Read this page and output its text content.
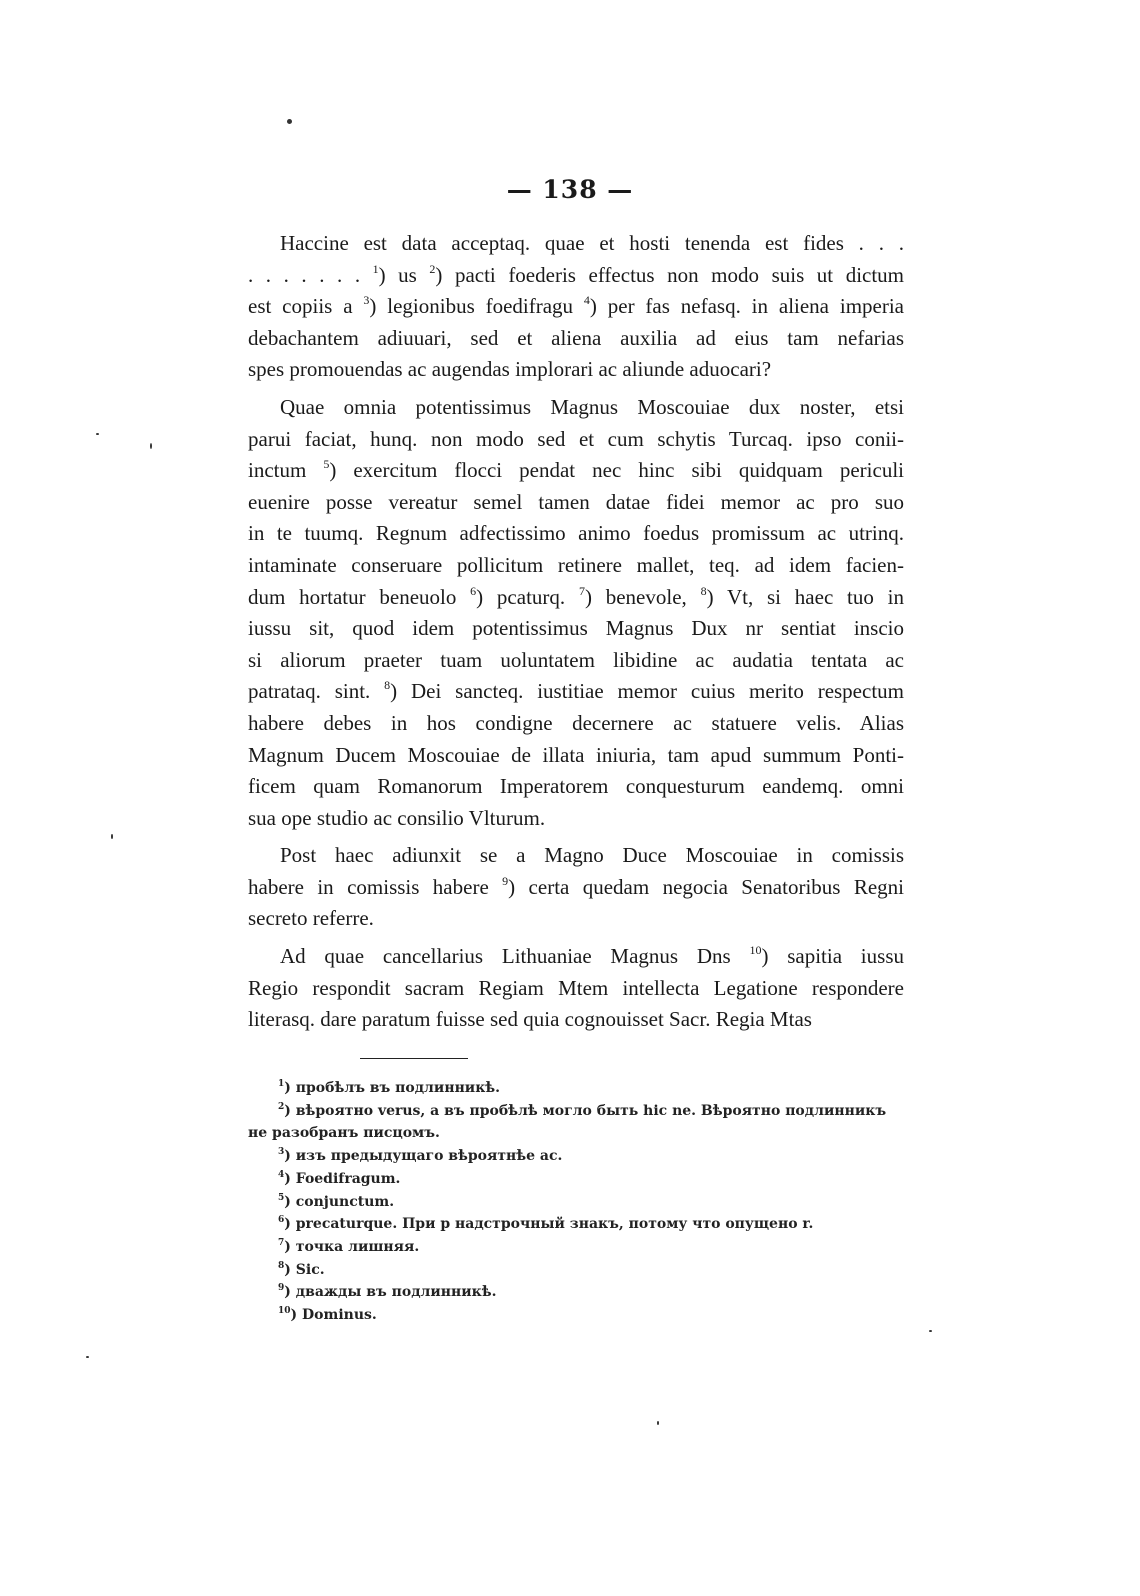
— 138 —
Haccine est data acceptaq. quae et hosti tenenda est fides . . .
. . . . . . . $^1$) us $^2$) pacti foederis effectus non modo suis ut dictum
est copiis a $^3$) legionibus foedifragu $^4$) per fas nefasq. in aliena imperia
debachantem adiuuari, sed et aliena auxilia ad eius tam nefarias
spes promouendas ac augendas implorari ac aliunde aduocari?
Quae omnia potentissimus Magnus Moscouiae dux noster, etsi
parui faciat, hunq. non modo sed et cum schytis Turcaq. ipso conii-
inctum $^5$) exercitum flocci pendat nec hinc sibi quidquam periculi
euenire posse vereatur semel tamen datae fidei memor ac pro suo
in te tuumq. Regnum adfectissimo animo foedus promissum ac utrinq.
intaminate conseruare pollicitum retinere mallet, teq. ad idem facien-
dum hortatur beneuolo $^6$) pcaturq. $^7$) benevole, $^8$) Vt, si haec tuo in
iussu sit, quod idem potentissimus Magnus Dux nr sentiat inscio
si aliorum praeter tuam uoluntatem libidine ac audatia tentata ac
patrataq. sint. $^8$) Dei sancteq. iustitiae memor cuius merito respectum
habere debes in hos condigne decernere ac statuere velis. Alias
Magnum Ducem Moscouiae de illata iniuria, tam apud summum Ponti-
ficem quam Romanorum Imperatorem conquesturum eandemq. omni
sua ope studio ac consilio Vlturum.
Post haec adiunxit se a Magno Duce Moscouiae in comissis
habere in comissis habere $^9$) certa quedam negocia Senatoribus Regni
secreto referre.
Ad quae cancellarius Lithuaniae Magnus Dns $^{10}$) sapitia iussu
Regio respondit sacram Regiam Mtem intellecta Legatione respondere
literasq. dare paratum fuisse sed quia cognouisset Sacr. Regia Mtas
$^1$) пробѣлъ въ подлинникѣ.
$^2$) вѣроятно verus, а въ пробѣлѣ могло быть hic ne. Вѣроятно подлинникъ
не разобранъ писцомъ.
$^3$) изъ предыдущаго вѣроятнѣе ac.
$^4$) Foedifragum.
$^5$) conjunctum.
$^6$) precaturque. При p надстрочный знакъ, потому что опущено r.
$^7$) точка лишняя.
$^8$) Sic.
$^9$) дважды въ подлинникѣ.
$^{10}$) Dominus.
